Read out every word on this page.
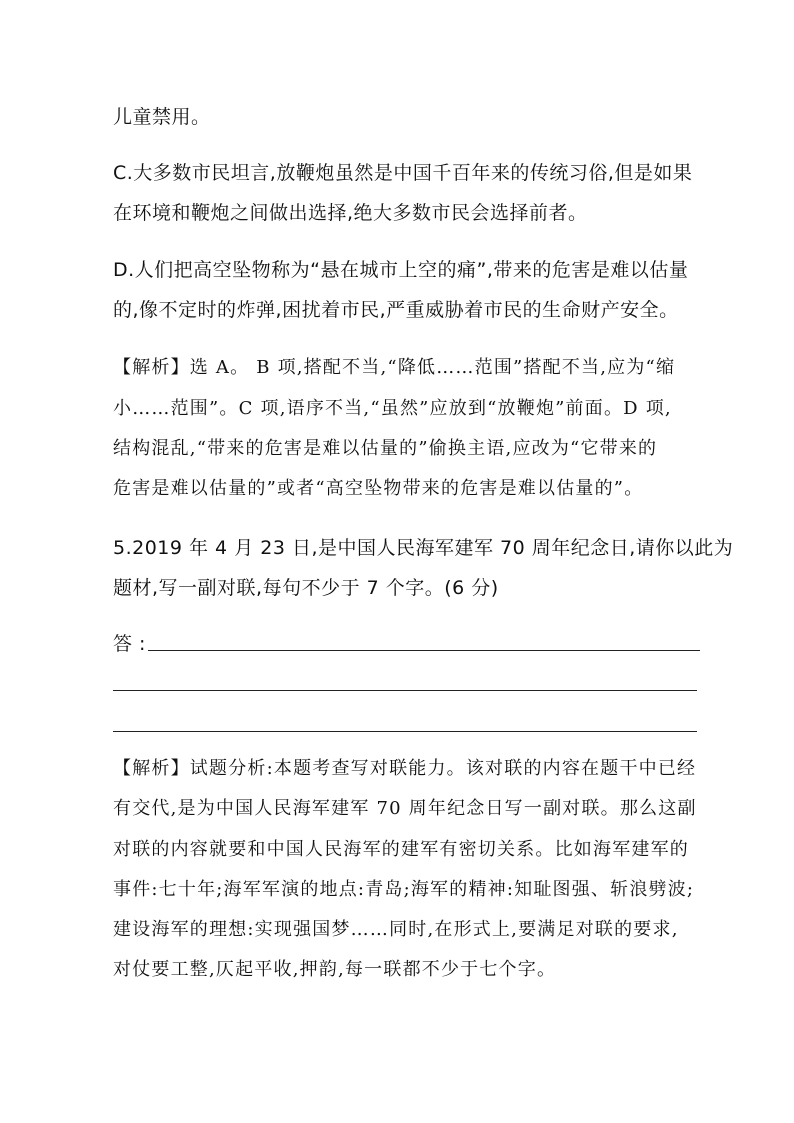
儿童禁用。
C.大多数市民坦言,放鞭炮虽然是中国千百年来的传统习俗,但是如果
在环境和鞭炮之间做出选择,绝大多数市民会选择前者。
D.人们把高空坠物称为“悬在城市上空的痛”,带来的危害是难以估量
的,像不定时的炸弹,困扰着市民,严重威胁着市民的生命财产安全。
【解析】选 A。 B 项,搭配不当,“降低……范围”搭配不当,应为“缩
小……范围”。C 项,语序不当,“虽然”应放到“放鞭炮”前面。D 项,
结构混乱,“带来的危害是难以估量的”偷换主语,应改为“它带来的
危害是难以估量的”或者“高空坠物带来的危害是难以估量的”。
5.2019 年 4 月 23 日,是中国人民海军建军 70 周年纪念日,请你以此为
题材,写一副对联,每句不少于 7 个字。(6 分)
答 :
【解析】试题分析:本题考查写对联能力。该对联的内容在题干中已经
有交代,是为中国人民海军建军 70 周年纪念日写一副对联。那么这副
对联的内容就要和中国人民海军的建军有密切关系。比如海军建军的
事件:七十年;海军军演的地点:青岛;海军的精神:知耻图强、斩浪劈波;
建设海军的理想:实现强国梦……同时,在形式上,要满足对联的要求,
对仗要工整,仄起平收,押韵,每一联都不少于七个字。
